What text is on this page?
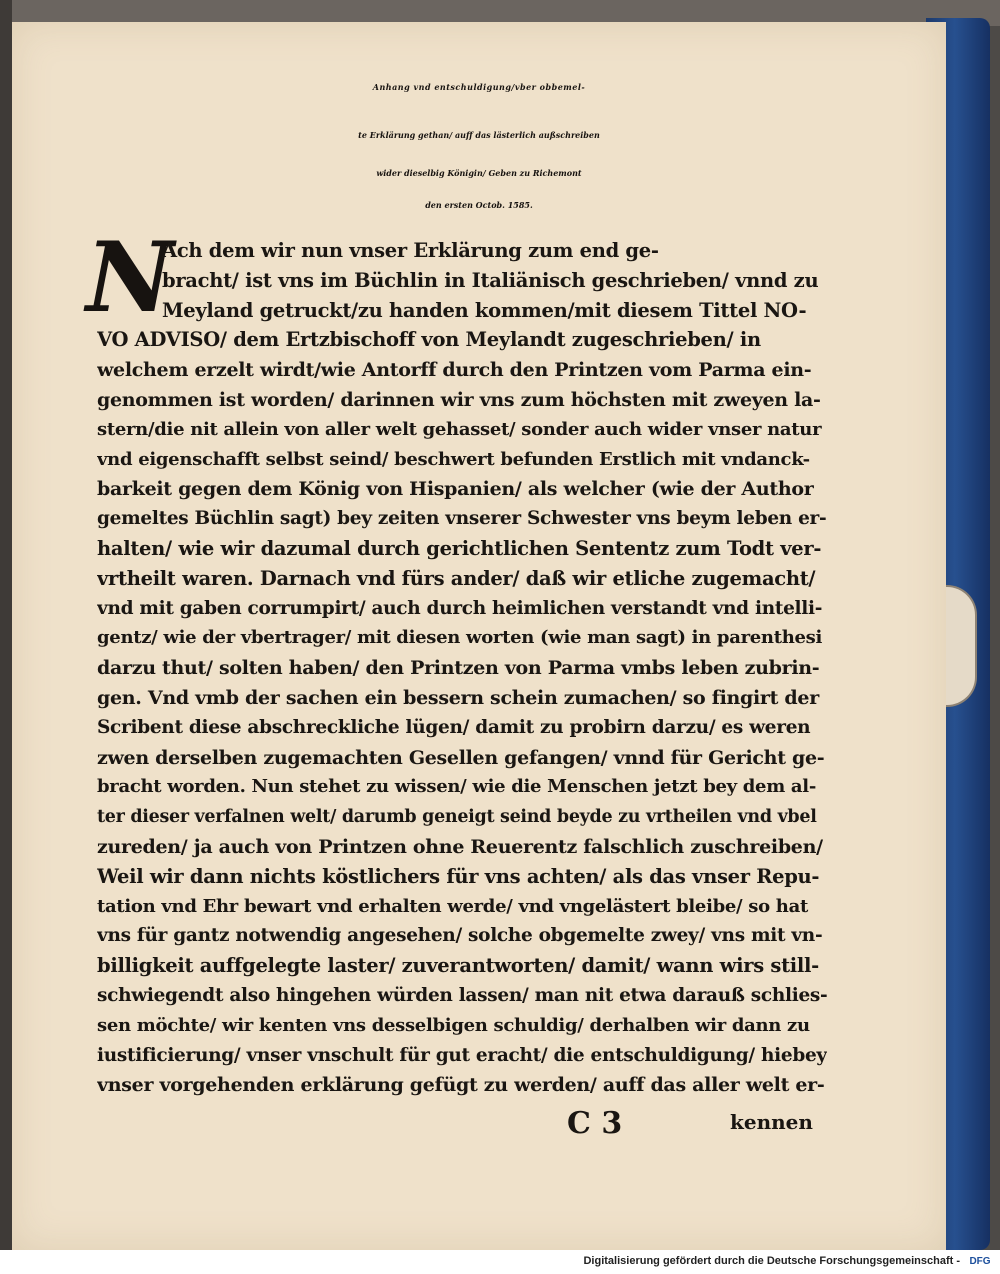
Anhang vnd entschuldigung/vber obbemel-
te Erklärung gethan/ auff das lästerlich außschreiben
wider dieselbig Königin/ Geben zu Richemont
den ersten Octob. 1585.
N
Ach dem wir nun vnser Erklärung zum end ge-
bracht/ ist vns im Büchlin in Italiänisch geschrieben/ vnnd zu
Meyland getruckt/zu handen kommen/mit diesem Tittel NO-
VO ADVISO/ dem Ertzbischoff von Meylandt zugeschrieben/ in
welchem erzelt wirdt/wie Antorff durch den Printzen vom Parma ein-
genommen ist worden/ darinnen wir vns zum höchsten mit zweyen la-
stern/die nit allein von aller welt gehasset/ sonder auch wider vnser natur
vnd eigenschafft selbst seind/ beschwert befunden Erstlich mit vndanck-
barkeit gegen dem König von Hispanien/ als welcher (wie der Author
gemeltes Büchlin sagt) bey zeiten vnserer Schwester vns beym leben er-
halten/ wie wir dazumal durch gerichtlichen Sententz zum Todt ver-
vrtheilt waren. Darnach vnd fürs ander/ daß wir etliche zugemacht/
vnd mit gaben corrumpirt/ auch durch heimlichen verstandt vnd intelli-
gentz/ wie der vbertrager/ mit diesen worten (wie man sagt) in parenthesi
darzu thut/ solten haben/ den Printzen von Parma vmbs leben zubrin-
gen. Vnd vmb der sachen ein bessern schein zumachen/ so fingirt der
Scribent diese abschreckliche lügen/ damit zu probirn darzu/ es weren
zwen derselben zugemachten Gesellen gefangen/ vnnd für Gericht ge-
bracht worden. Nun stehet zu wissen/ wie die Menschen jetzt bey dem al-
ter dieser verfalnen welt/ darumb geneigt seind beyde zu vrtheilen vnd vbel
zureden/ ja auch von Printzen ohne Reuerentz falschlich zuschreiben/
Weil wir dann nichts köstlichers für vns achten/ als das vnser Repu-
tation vnd Ehr bewart vnd erhalten werde/ vnd vngelästert bleibe/ so hat
vns für gantz notwendig angesehen/ solche obgemelte zwey/ vns mit vn-
billigkeit auffgelegte laster/ zuverantworten/ damit/ wann wirs still-
schwiegendt also hingehen würden lassen/ man nit etwa darauß schlies-
sen möchte/ wir kenten vns desselbigen schuldig/ derhalben wir dann zu
iustificierung/ vnser vnschult für gut eracht/ die entschuldigung/ hiebey
vnser vorgehenden erklärung gefügt zu werden/ auff das aller welt er-
C 3	kennen
Digitalisierung gefördert durch die Deutsche Forschungsgemeinschaft - DFG
